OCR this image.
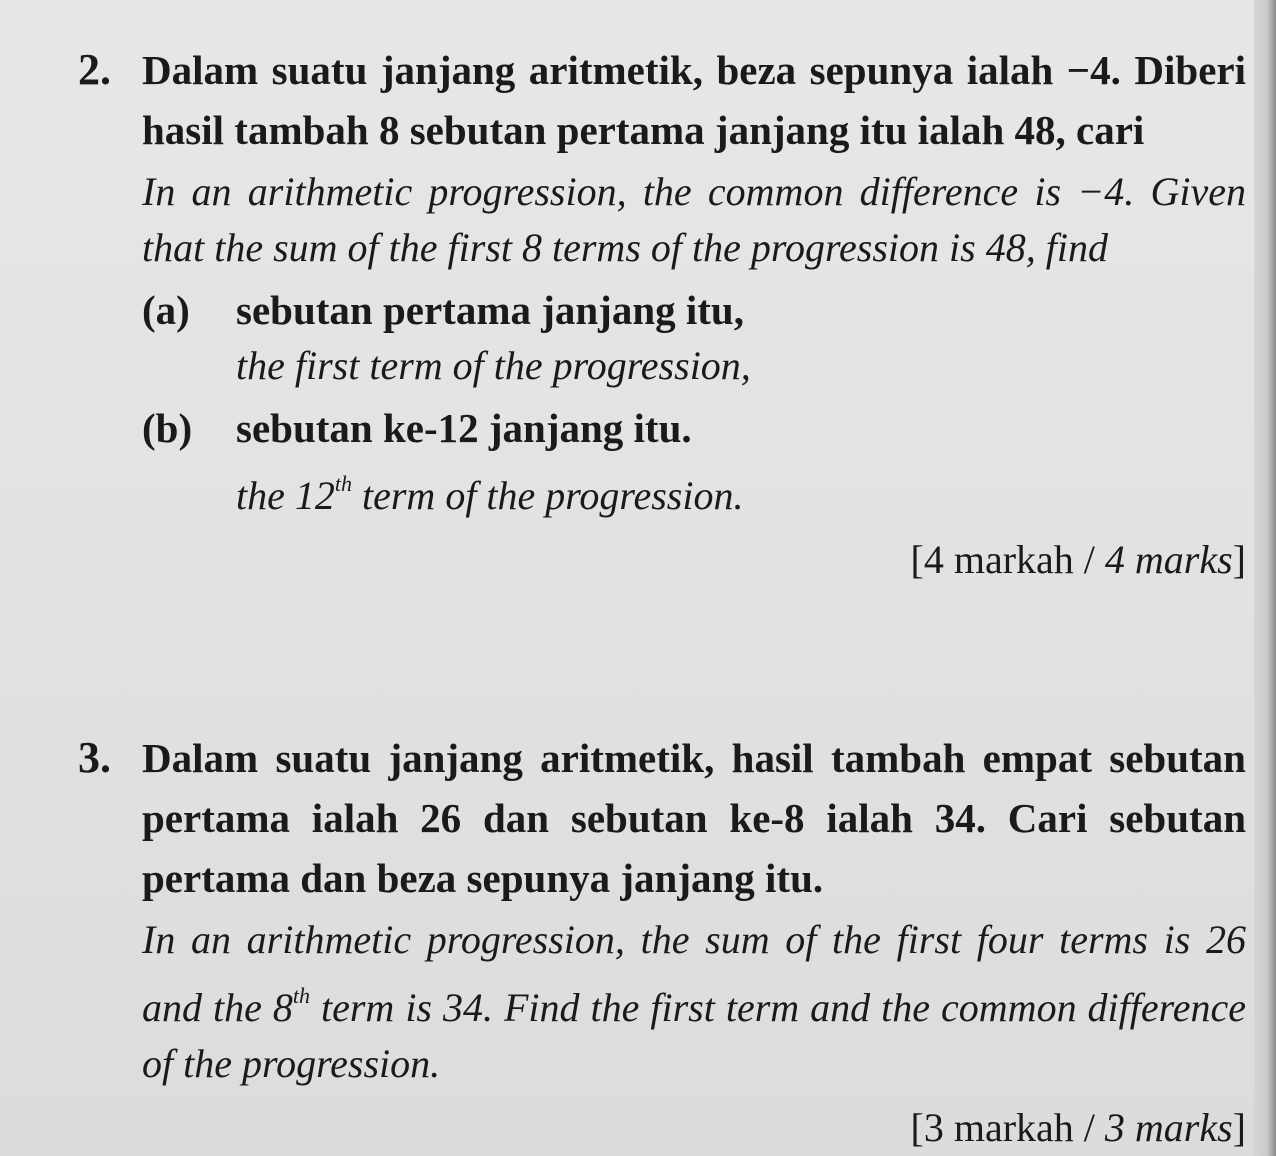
2. Dalam suatu janjang aritmetik, beza sepunya ialah −4. Diberi hasil tambah 8 sebutan pertama janjang itu ialah 48, cari
In an arithmetic progression, the common difference is −4. Given that the sum of the first 8 terms of the progression is 48, find
(a)	sebutan pertama janjang itu,
the first term of the progression,
(b)	sebutan ke-12 janjang itu.
the 12th term of the progression.
[4 markah / 4 marks]
3. Dalam suatu janjang aritmetik, hasil tambah empat sebutan pertama ialah 26 dan sebutan ke-8 ialah 34. Cari sebutan pertama dan beza sepunya janjang itu.
In an arithmetic progression, the sum of the first four terms is 26 and the 8th term is 34. Find the first term and the common difference of the progression.
[3 markah / 3 marks]
